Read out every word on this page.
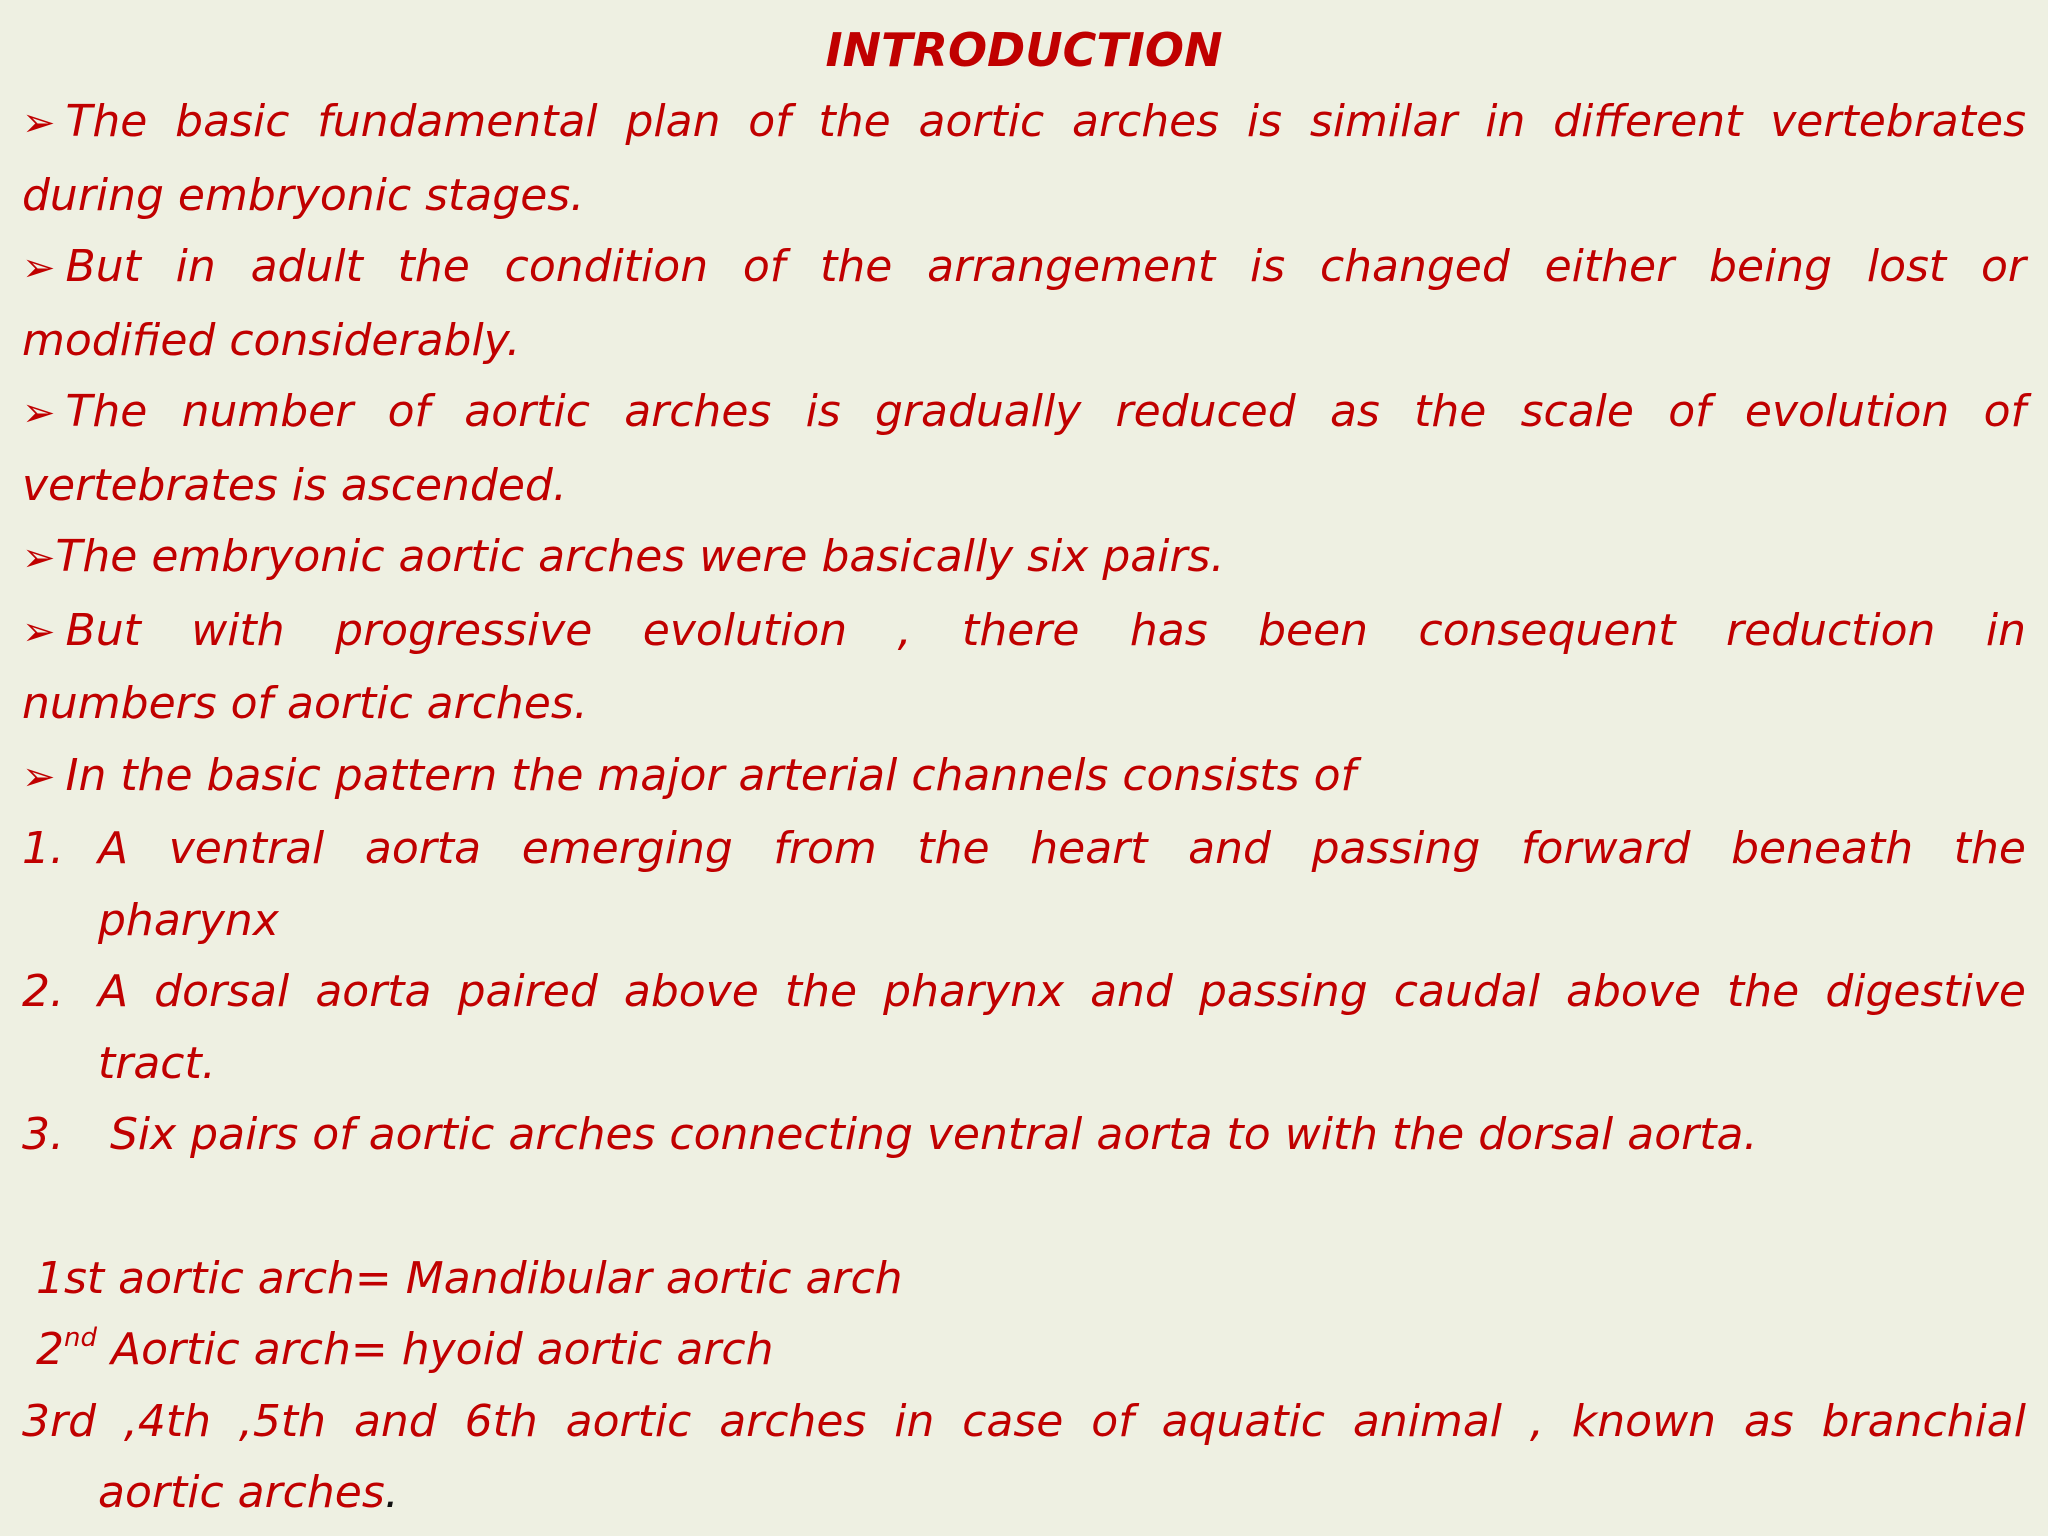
INTRODUCTION

➢ The basic fundamental plan of the aortic arches is similar in different vertebrates

during embryonic stages.

➢ But in adult the condition of the arrangement is changed either being lost or

modified considerably.

➢ The number of aortic arches is gradually reduced as the scale of evolution of

vertebrates is ascended.

➢The embryonic aortic arches were basically six pairs.

➢ But with progressive evolution , there has been consequent reduction in

numbers of aortic arches.

➢ In the basic pattern the major arterial channels consists of

1. A ventral aorta emerging from the heart and passing forward beneath the

pharynx

2. A dorsal aorta paired above the pharynx and passing caudal above the digestive

tract.

3.	Six pairs of aortic arches connecting ventral aorta to with the dorsal aorta.

1st aortic arch= Mandibular aortic arch

2nd Aortic arch= hyoid aortic arch

3rd ,4th ,5th and 6th aortic arches in case of aquatic animal , known as branchial

aortic arches.
